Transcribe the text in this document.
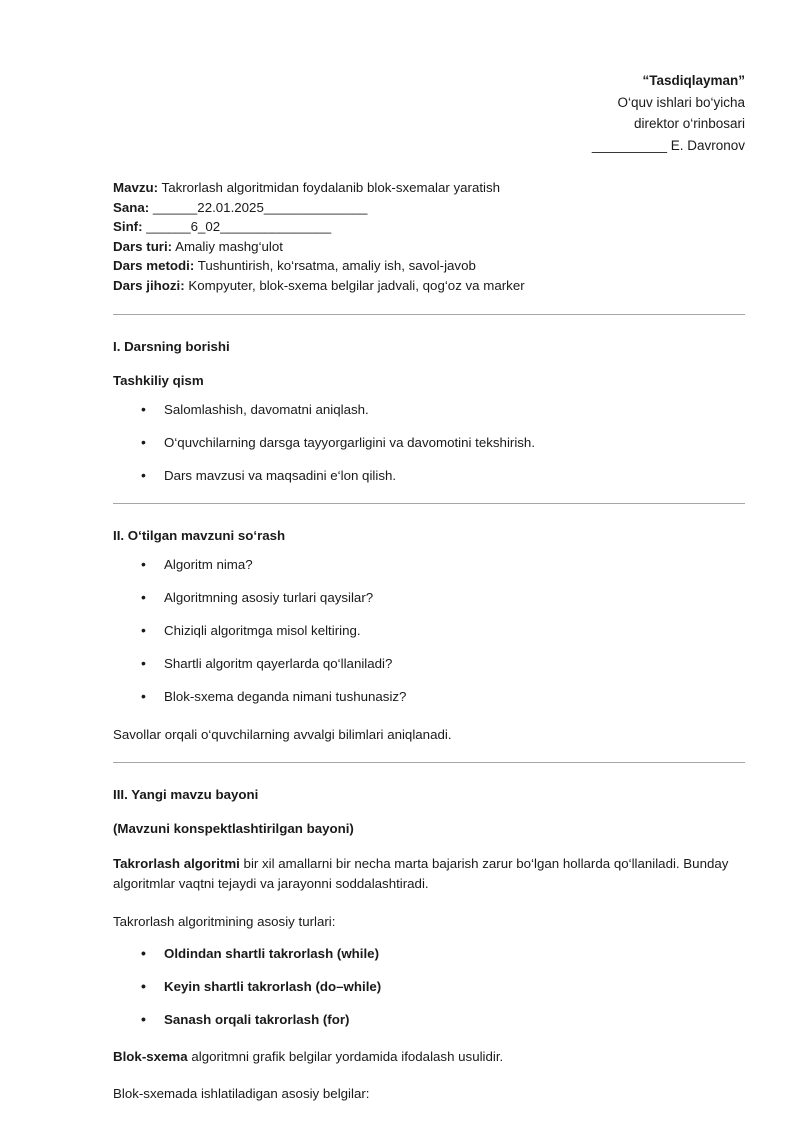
“Tasdiqlayman”
O‘quv ishlari bo‘yicha
direktor o‘rinbosari
__________ E. Davronov
Mavzu: Takrorlash algoritmidan foydalanib blok-sxemalar yaratish
Sana: ______22.01.2025______________
Sinf: ______6_02_______________
Dars turi: Amaliy mashg‘ulot
Dars metodi: Tushuntirish, ko‘rsatma, amaliy ish, savol-javob
Dars jihozi: Kompyuter, blok-sxema belgilar jadvali, qog‘oz va marker
I. Darsning borishi
Tashkiliy qism
• Salomlashish, davomatni aniqlash.
• O‘quvchilarning darsga tayyorgarligini va davomotini tekshirish.
• Dars mavzusi va maqsadini e‘lon qilish.
II. O‘tilgan mavzuni so‘rash
• Algoritm nima?
• Algoritmning asosiy turlari qaysilar?
• Chiziqli algoritmga misol keltiring.
• Shartli algoritm qayerlarda qo‘llaniladi?
• Blok-sxema deganda nimani tushunasiz?
Savollar orqali o‘quvchilarning avvalgi bilimlari aniqlanadi.
III. Yangi mavzu bayoni
(Mavzuni konspektlashtirilgan bayoni)
Takrorlash algoritmi bir xil amallarni bir necha marta bajarish zarur bo‘lgan hollarda qo‘llaniladi. Bunday algoritmlar vaqtni tejaydi va jarayonni soddalashtiradi.
Takrorlash algoritmining asosiy turlari:
• Oldindan shartli takrorlash (while)
• Keyin shartli takrorlash (do–while)
• Sanash orqali takrorlash (for)
Blok-sxema algoritmni grafik belgilar yordamida ifodalash usulidir.
Blok-sxemada ishlatiladigan asosiy belgilar:
